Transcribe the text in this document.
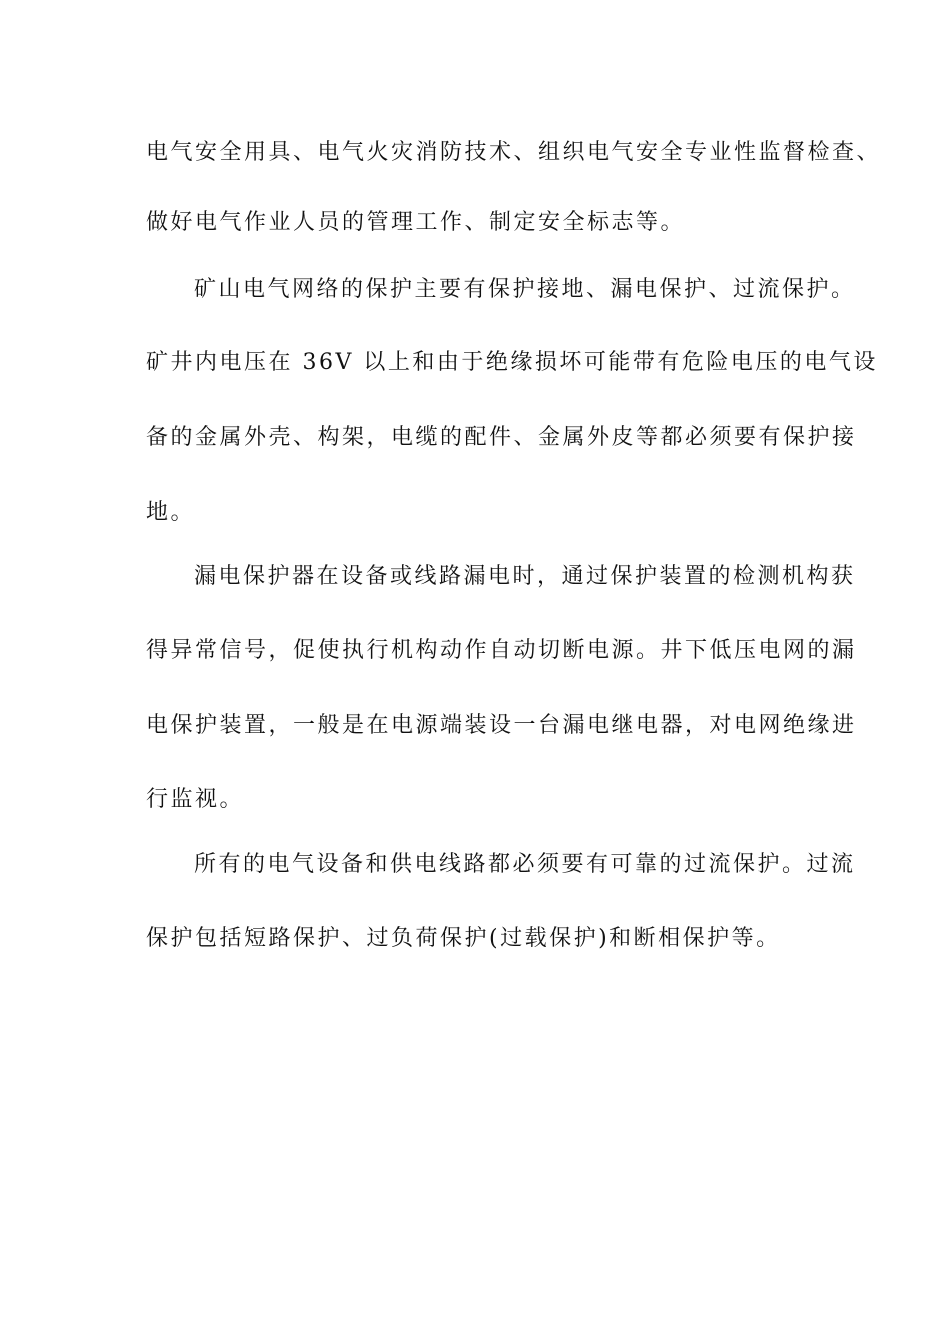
电气安全用具、电气火灾消防技术、组织电气安全专业性监督检查、
做好电气作业人员的管理工作、制定安全标志等。
矿山电气网络的保护主要有保护接地、漏电保护、过流保护。
矿井内电压在 36V 以上和由于绝缘损坏可能带有危险电压的电气设
备的金属外壳、构架，电缆的配件、金属外皮等都必须要有保护接
地。
漏电保护器在设备或线路漏电时，通过保护装置的检测机构获
得异常信号，促使执行机构动作自动切断电源。井下低压电网的漏
电保护装置，一般是在电源端装设一台漏电继电器，对电网绝缘进
行监视。
所有的电气设备和供电线路都必须要有可靠的过流保护。过流
保护包括短路保护、过负荷保护(过载保护)和断相保护等。
